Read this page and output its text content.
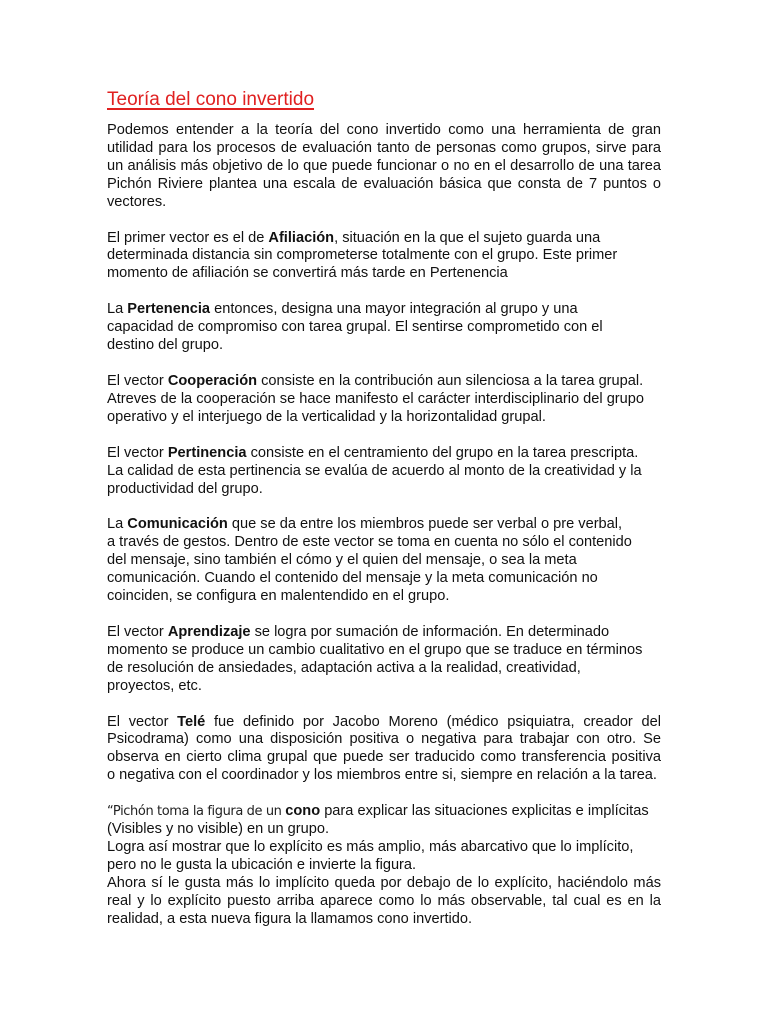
Teoría del cono invertido
Podemos entender a la teoría del cono invertido como una herramienta de gran
utilidad para los procesos de evaluación tanto de personas como grupos, sirve para
un análisis más objetivo de lo que puede funcionar o no en el desarrollo de una tarea
Pichón Riviere plantea una escala de evaluación básica que consta de 7 puntos o
vectores.
El primer vector es el de Afiliación, situación en la que el sujeto guarda una
determinada distancia sin comprometerse totalmente con el grupo. Este primer
momento de afiliación se convertirá más tarde en Pertenencia
La Pertenencia entonces, designa una mayor integración al grupo y una
capacidad de compromiso con tarea grupal. El sentirse comprometido con el
destino del grupo.
El vector Cooperación consiste en la contribución aun silenciosa a la tarea grupal.
Atreves de la cooperación se hace manifesto el carácter interdisciplinario del grupo
operativo y el interjuego de la verticalidad y la horizontalidad grupal.
El vector Pertinencia consiste en el centramiento del grupo en la tarea prescripta.
La calidad de esta pertinencia se evalúa de acuerdo al monto de la creatividad y la
productividad del grupo.
La Comunicación que se da entre los miembros puede ser verbal o pre verbal,
a través de gestos. Dentro de este vector se toma en cuenta no sólo el contenido
del mensaje, sino también el cómo y el quien del mensaje, o sea la meta
comunicación. Cuando el contenido del mensaje y la meta comunicación no
coinciden, se configura en malentendido en el grupo.
El vector Aprendizaje se logra por sumación de información. En determinado
momento se produce un cambio cualitativo en el grupo que se traduce en términos
de resolución de ansiedades, adaptación activa a la realidad, creatividad,
proyectos, etc.
El vector Telé fue definido por Jacobo Moreno (médico psiquiatra, creador del
Psicodrama) como una disposición positiva o negativa para trabajar con otro. Se
observa en cierto clima grupal que puede ser traducido como transferencia positiva
o negativa con el coordinador y los miembros entre si, siempre en relación a la tarea.
“Pichón toma la figura de un cono para explicar las situaciones explicitas e implícitas
(Visibles y no visible) en un grupo.
Logra así mostrar que lo explícito es más amplio, más abarcativo que lo implícito,
pero no le gusta la ubicación e invierte la figura.
Ahora sí le gusta más lo implícito queda por debajo de lo explícito, haciéndolo más
real y lo explícito puesto arriba aparece como lo más observable, tal cual es en la
realidad, a esta nueva figura la llamamos cono invertido.
